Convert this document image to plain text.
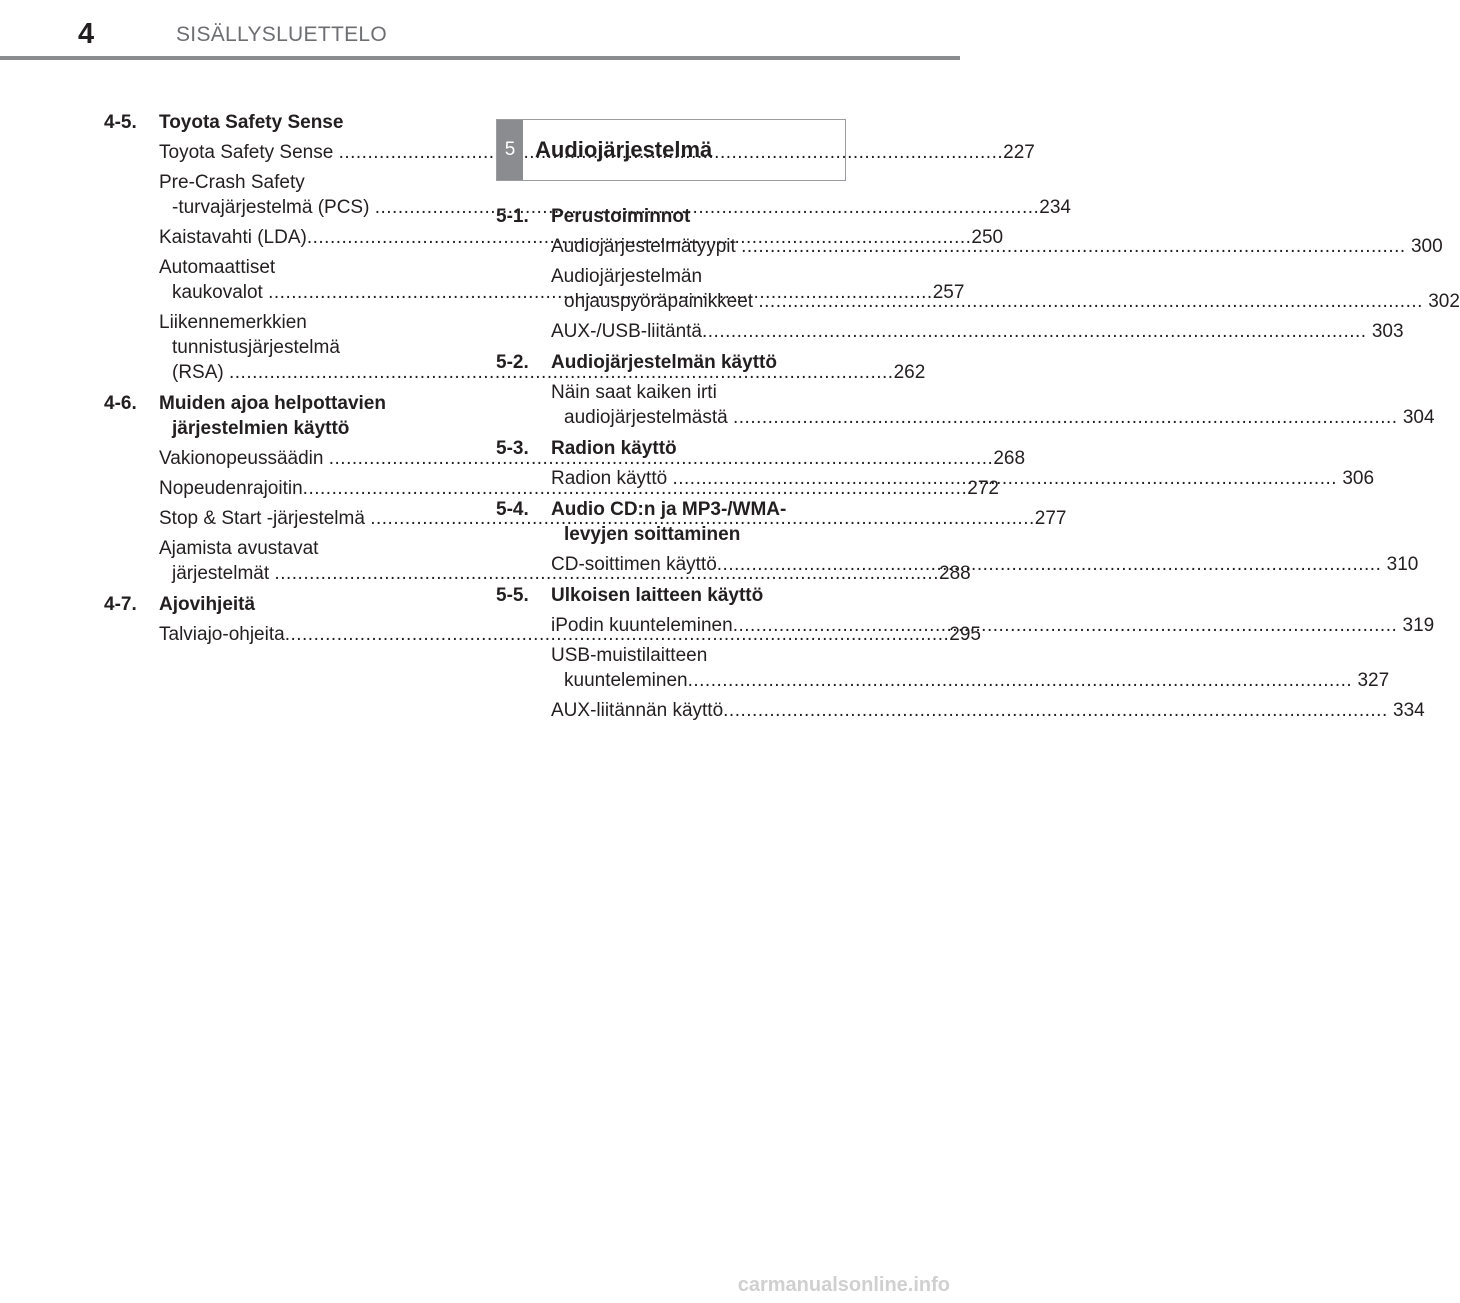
4	SISÄLLYSLUETTELO
4-5.	Toyota Safety Sense
Toyota Safety Sense .....	227
Pre-Crash Safety
-turvajärjestelmä (PCS) .....	234
Kaistavahti (LDA) .....	250
Automaattiset
kaukovalot .....	257
Liikennemerkkien
tunnistusjärjestelmä
(RSA) .....	262
4-6.	Muiden ajoa helpottavien järjestelmien käyttö
Vakionopeussäädin .....	268
Nopeudenrajoitin .....	272
Stop & Start -järjestelmä .....	277
Ajamista avustavat
järjestelmät .....	288
4-7.	Ajovihjeitä
Talviajo-ohjeita .....	295
5 Audiojärjestelmä
5-1.	Perustoiminnot
Audiojärjestelmätyypit .....	300
Audiojärjestelmän
ohjauspyöräpainikkeet .....	302
AUX-/USB-liitäntä .....	303
5-2.	Audiojärjestelmän käyttö
Näin saat kaiken irti
audiojärjestelmästä .....	304
5-3.	Radion käyttö
Radion käyttö .....	306
5-4.	Audio CD:n ja MP3-/WMA-levyjen soittaminen
CD-soittimen käyttö .....	310
5-5.	Ulkoisen laitteen käyttö
iPodin kuunteleminen .....	319
USB-muistilaitteen
kuunteleminen .....	327
AUX-liitännän käyttö .....	334
carmanualsonline.info
